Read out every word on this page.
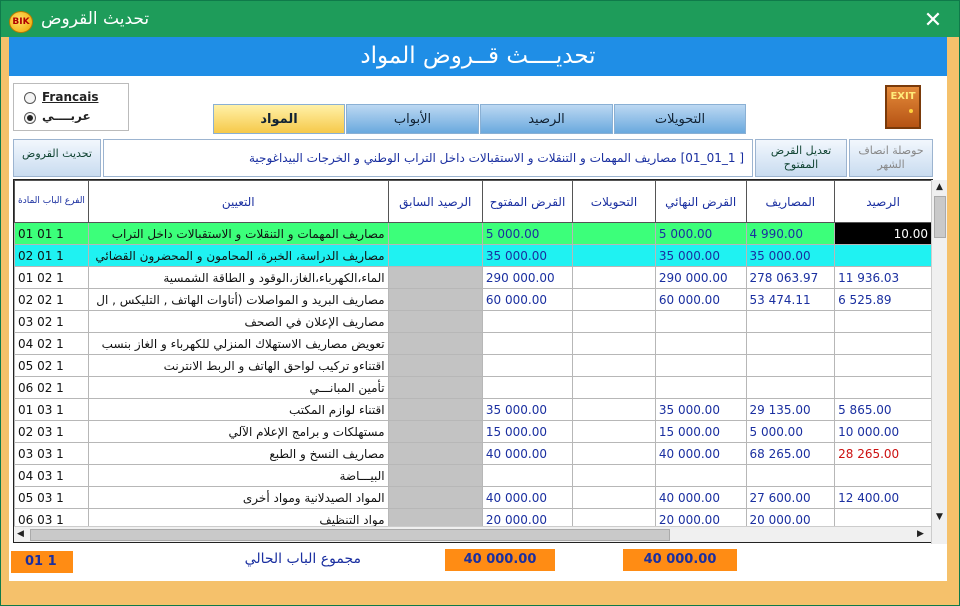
BIK تحديث القروض	✕
تحديــــث قــروض المواد
Francais
عربــــي	التحويلات
الرصيد
الأبواب
المواد
EXIT
تحديث القروض	[ 1_01_01] مصاريف المهمات و التنقلات و الاستقبالات داخل التراب الوطني و الخرجات البيداغوجية
تعديل القرض المفتوح
حوصلة انصاف الشهر
الفرع الباب المادة	التعيين	الرصيد السابق	القرض المفتوح	التحويلات	القرض النهائي	المصاريف	الرصيد
01 01 1	مصاريف المهمات و التنقلات و الاستقبالات داخل التراب		5 000.00		5 000.00	4 990.00	10.00
02 01 1	مصاريف الدراسة، الخبرة، المحامون و المحضرون القضائي		35 000.00		35 000.00	35 000.00	
01 02 1	الماء،الكهرباء،الغاز،الوقود و الطاقة الشمسية		290 000.00		290 000.00	278 063.97	11 936.03
02 02 1	مصاريف البريد و المواصلات (أتاوات الهاتف , التليكس , ال		60 000.00		60 000.00	53 474.11	6 525.89
03 02 1	مصاريف الإعلان في الصحف						
04 02 1	تعويض مصاريف الاستهلاك المنزلي للكهرباء و الغاز بنسب						
05 02 1	اقتناءو تركيب لواحق الهاتف و الربط الانترنت						
06 02 1	تأمين المبانـــي						
01 03 1	اقتناء لوازم المكتب		35 000.00		35 000.00	29 135.00	5 865.00
02 03 1	مستهلكات و برامج الإعلام الآلي		15 000.00		15 000.00	5 000.00	10 000.00
03 03 1	مصاريف النسخ و الطبع		40 000.00		40 000.00	68 265.00	28 265.00
04 03 1	البيـــاضة						
05 03 1	المواد الصيدلانية ومواد أخرى		40 000.00		40 000.00	27 600.00	12 400.00
06 03 1	مواد التنظيف		20 000.00		20 000.00	20 000.00	
▲
▼
◀	▶
01 1	مجموع الباب الحالي	40 000.00	40 000.00
